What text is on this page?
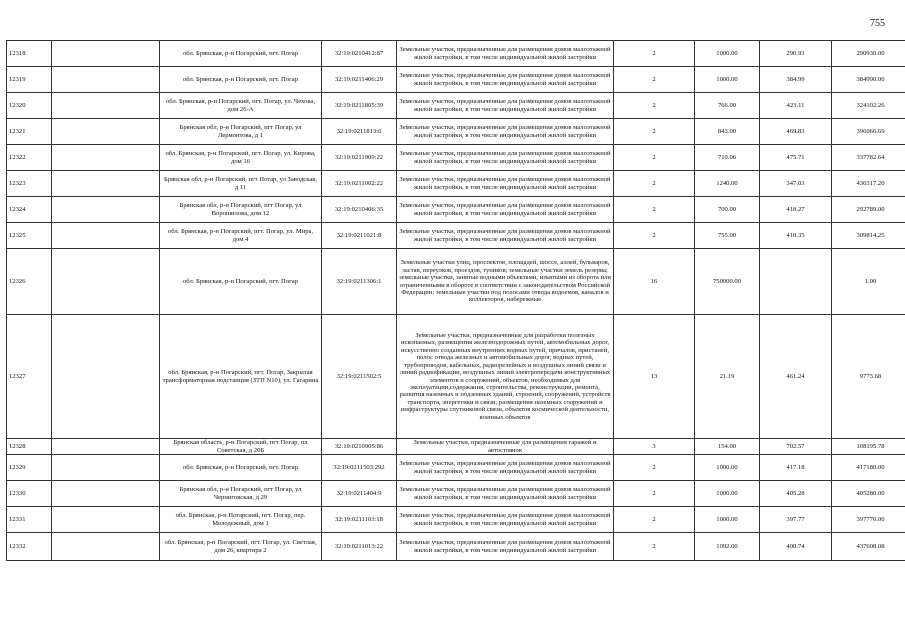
755
12318		обл. Брянская, р-н Погарский, пгт. Погар	32:19:0210412:87	Земельные участки, предназначенные для размещения домов малоэтажной жилой застройки, в том числе индивидуальной жилой застройки	2	1000.00	290.93	290930.00
12319		обл. Брянская, р-н Погарский, пгт. Погар	32:19:0211406:29	Земельные участки, предназначенные для размещения домов малоэтажной жилой застройки, в том числе индивидуальной жилой застройки	2	1000.00	384.99	384990.00
12320		обл. Брянская, р-н Погарский, пгт. Погар, ул. Чехова, дом 26-А	32:19:0211805:39	Земельные участки, предназначенные для размещения домов малоэтажной жилой застройки, в том числе индивидуальной жилой застройки	2	766.00	423.11	324102.26
12321		Брянская обл, р-н Погарский, пгт Погар, ул Лермонтова, д 1	32:19:0211813:6	Земельные участки, предназначенные для размещения домов малоэтажной жилой застройки, в том числе индивидуальной жилой застройки	2	843.00	469.83	396066.69
12322		обл. Брянская, р-н Погарский, пгт. Погар, ул. Кирова, дом 16	32:19:0211909:22	Земельные участки, предназначенные для размещения домов малоэтажной жилой застройки, в том числе индивидуальной жилой застройки	2	710.06	475.71	337782.64
12323		Брянская обл, р-н Погарский, пгт Погар, ул Заводская, д 11	32:19:0211002:22	Земельные участки, предназначенные для размещения домов малоэтажной жилой застройки, в том числе индивидуальной жилой застройки	2	1240.00	347.03	430317.20
12324		Брянская обл, р-н Погарский, пгт Погар, ул Ворошилова, дом 12	32:19:0210406:35	Земельные участки, предназначенные для размещения домов малоэтажной жилой застройки, в том числе индивидуальной жилой застройки	2	700.00	418.27	292789.00
12325		обл. Брянская, р-н Погарский, пгт. Погар, ул. Мира, дом 4	32:19:0211021:8	Земельные участки, предназначенные для размещения домов малоэтажной жилой застройки, в том числе индивидуальной жилой застройки	2	755.00	410.35	309814.25
12326		обл. Брянская, р-н Погарский, пгт. Погар	32:19:0211306:1	Земельные участки улиц, проспектов, площадей, шоссе, аллей, бульваров, застав, переулков, проездов, тупиков; земельные участки земель резерва; земельные участки, занятые водными объектами, изъятыми из оборота или ограниченными в обороте в соответствии с законодательством Российской Федерации; земельные участки под полосами отвода водоемов, каналов и коллекторов, набережные	16	750000.00		1.00
12327		обл. Брянская, р-н Погарский, пгт. Погар, Закрытая трансформаторная подстанция (ЗТП N10), ул. Гагарина	32:19:0211502:5	Земельные участки, предназначенные для разработки полезных ископаемых, размещения железнодорожных путей, автомобильных дорог, искусственно созданных внутренних водных путей, причалов, пристаней, полос отвода железных и автомобильных дорог, водных путей, трубопроводов, кабельных, радиорелейных и воздушных линий связи и линий радиофикации, воздушных линий электропередачи конструктивных элементов и сооружений, объектов, необходимых для эксплуатации,содержания, строительства, реконструкции, ремонта, развития наземных и подземных зданий, строений, сооружений, устройств транспорта, энергетики и связи; размещения наземных сооружений и инфраструктуры спутниковой связи, объектов космической деятельности, военных объектов	13	21.19	461.24	9773.68
12328		Брянская область, р-н Погарский, пгт Погар, пл Советская, д 20Б	32:19:0210905:86	Земельные участки, предназначенные для размещения гаражей и автостоянок	3	154.00	702.57	108195.78
12329		обл. Брянская, р-н Погарский, пгт. Погар	32:19:0211503:292	Земельные участки, предназначенные для размещения домов малоэтажной жилой застройки, в том числе индивидуальной жилой застройки	2	1000.00	417.18	417180.00
12330		Брянская обл, р-н Погарский, пгт Погар, ул Черниговская, д 29	32:19:0211404:9	Земельные участки, предназначенные для размещения домов малоэтажной жилой застройки, в том числе индивидуальной жилой застройки	2	1000.00	405.28	405280.00
12331		обл. Брянская, р-н Погарский, пгт. Погар, пер. Молодежный, дом 1	32:19:0211103:18	Земельные участки, предназначенные для размещения домов малоэтажной жилой застройки, в том числе индивидуальной жилой застройки	2	1000.00	397.77	397770.00
12332		обл. Брянская, р-н Погарский, пгт. Погар, ул. Светлая, дом 26, квартира 2	32:19:0211013:22	Земельные участки, предназначенные для размещения домов малоэтажной жилой застройки, в том числе индивидуальной жилой застройки	2	1092.00	400.74	437608.08
